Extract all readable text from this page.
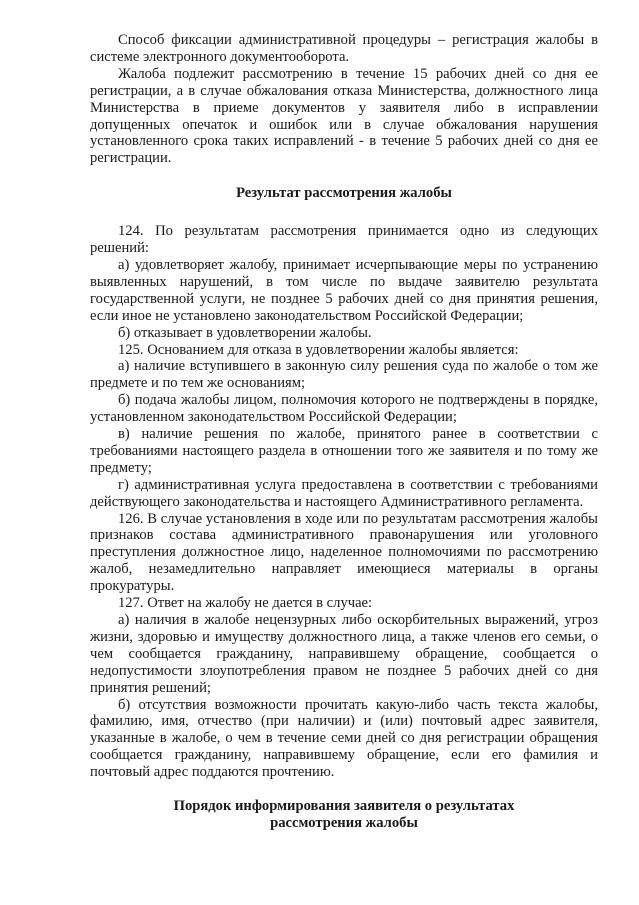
Способ фиксации административной процедуры – регистрация жалобы в системе электронного документооборота.

Жалоба подлежит рассмотрению в течение 15 рабочих дней со дня ее регистрации, а в случае обжалования отказа Министерства, должностного лица Министерства в приеме документов у заявителя либо в исправлении допущенных опечаток и ошибок или в случае обжалования нарушения установленного срока таких исправлений - в течение 5 рабочих дней со дня ее регистрации.

Результат рассмотрения жалобы

124. По результатам рассмотрения принимается одно из следующих решений:

а) удовлетворяет жалобу, принимает исчерпывающие меры по устранению выявленных нарушений, в том числе по выдаче заявителю результата государственной услуги, не позднее 5 рабочих дней со дня принятия решения, если иное не установлено законодательством Российской Федерации;

б) отказывает в удовлетворении жалобы.

125. Основанием для отказа в удовлетворении жалобы является:

а) наличие вступившего в законную силу решения суда по жалобе о том же предмете и по тем же основаниям;

б) подача жалобы лицом, полномочия которого не подтверждены в порядке, установленном законодательством Российской Федерации;

в) наличие решения по жалобе, принятого ранее в соответствии с требованиями настоящего раздела в отношении того же заявителя и по тому же предмету;

г) административная услуга предоставлена в соответствии с требованиями действующего законодательства и настоящего Административного регламента.

126. В случае установления в ходе или по результатам рассмотрения жалобы признаков состава административного правонарушения или уголовного преступления должностное лицо, наделенное полномочиями по рассмотрению жалоб, незамедлительно направляет имеющиеся материалы в органы прокуратуры.

127. Ответ на жалобу не дается в случае:

а) наличия в жалобе нецензурных либо оскорбительных выражений, угроз жизни, здоровью и имуществу должностного лица, а также членов его семьи, о чем сообщается гражданину, направившему обращение, сообщается о недопустимости злоупотребления правом не позднее 5 рабочих дней со дня принятия решений;

б) отсутствия возможности прочитать какую-либо часть текста жалобы, фамилию, имя, отчество (при наличии) и (или) почтовый адрес заявителя, указанные в жалобе, о чем в течение семи дней со дня регистрации обращения сообщается гражданину, направившему обращение, если его фамилия и почтовый адрес поддаются прочтению.

Порядок информирования заявителя о результатах

рассмотрения жалобы
